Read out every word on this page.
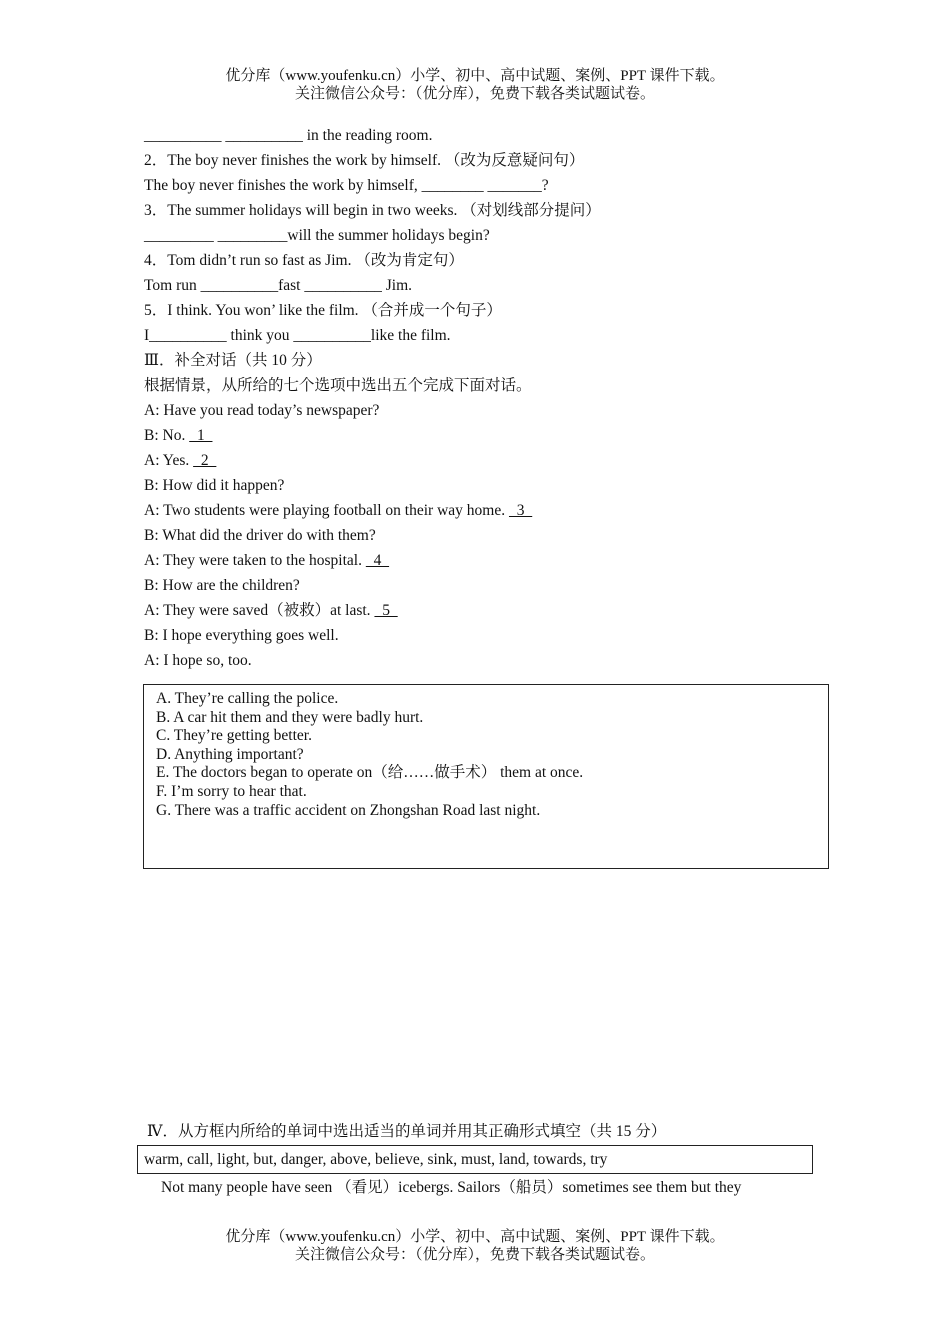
优分库（www.youfenku.cn）小学、初中、高中试题、案例、PPT 课件下载。
关注微信公众号：（优分库），免费下载各类试题试卷。
__________ __________ in the reading room.
2．The boy never finishes the work by himself. （改为反意疑问句）
The boy never finishes the work by himself, ________ _______?
3．The summer holidays will begin in two weeks. （对划线部分提问）
_________ _________will the summer holidays begin?
4．Tom didn’t run so fast as Jim. （改为肯定句）
Tom run __________fast __________ Jim.
5．I think. You won’ like the film. （合并成一个句子）
I__________ think you __________like the film.
Ⅲ．补全对话（共 10 分）
根据情景，从所给的七个选项中选出五个完成下面对话。
A: Have you read today’s newspaper?
B: No.   1
A: Yes.   2
B: How did it happen?
A: Two students were playing football on their way home.   3
B: What did the driver do with them?
A: They were taken to the hospital.   4
B: How are the children?
A: They were saved（被救）at last.   5
B: I hope everything goes well.
A: I hope so, too.
A. They’re calling the police.
B. A car hit them and they were badly hurt.
C. They’re getting better.
D. Anything important?
E. The doctors began to operate on（给……做手术） them at once.
F. I’m sorry to hear that.
G. There was a traffic accident on Zhongshan Road last night.
Ⅳ．从方框内所给的单词中选出适当的单词并用其正确形式填空（共 15 分）
warm, call, light, but, danger, above, believe, sink, must, land, towards, try
Not many people have seen （看见）icebergs. Sailors（船员）sometimes see them but they
优分库（www.youfenku.cn）小学、初中、高中试题、案例、PPT 课件下载。
关注微信公众号：（优分库），免费下载各类试题试卷。
